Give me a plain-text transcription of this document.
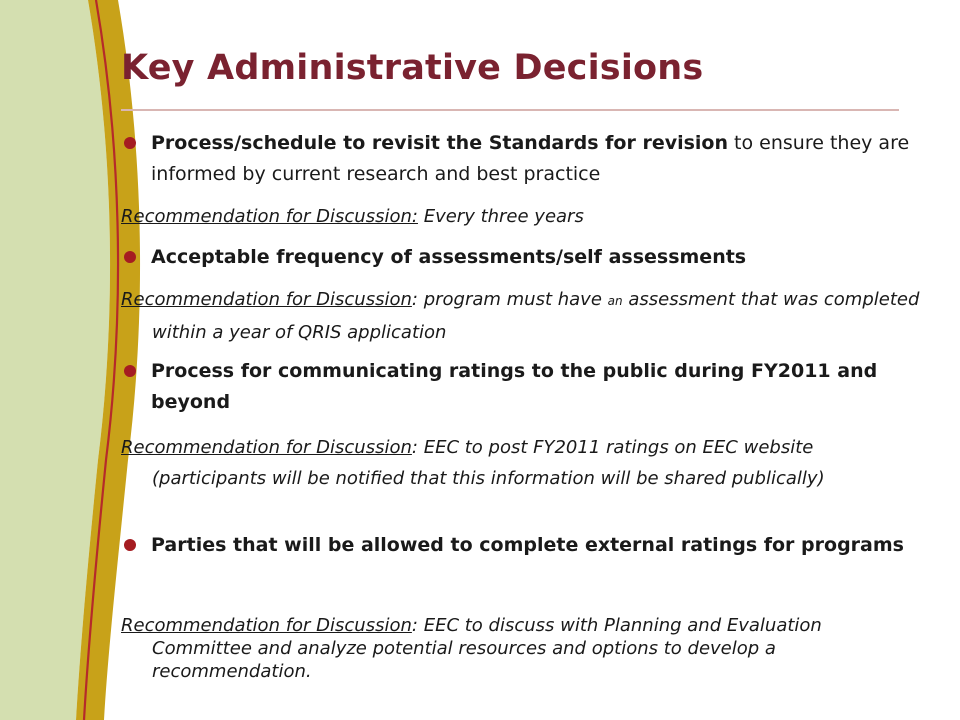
Key Administrative Decisions
Process/schedule to revisit the Standards for revision to ensure they are informed by current research and best practice
Recommendation for Discussion: Every three years
Acceptable frequency of assessments/self assessments
Recommendation for Discussion: program must have an assessment that was completed within a year of QRIS application
Process for communicating ratings to the public during FY2011 and beyond
Recommendation for Discussion: EEC to post FY2011 ratings on EEC website (participants will be notified that this information will be shared publically)
Parties that will be allowed to complete external ratings for programs
Recommendation for Discussion: EEC to discuss with Planning and Evaluation Committee and analyze potential resources and options to develop a recommendation.
